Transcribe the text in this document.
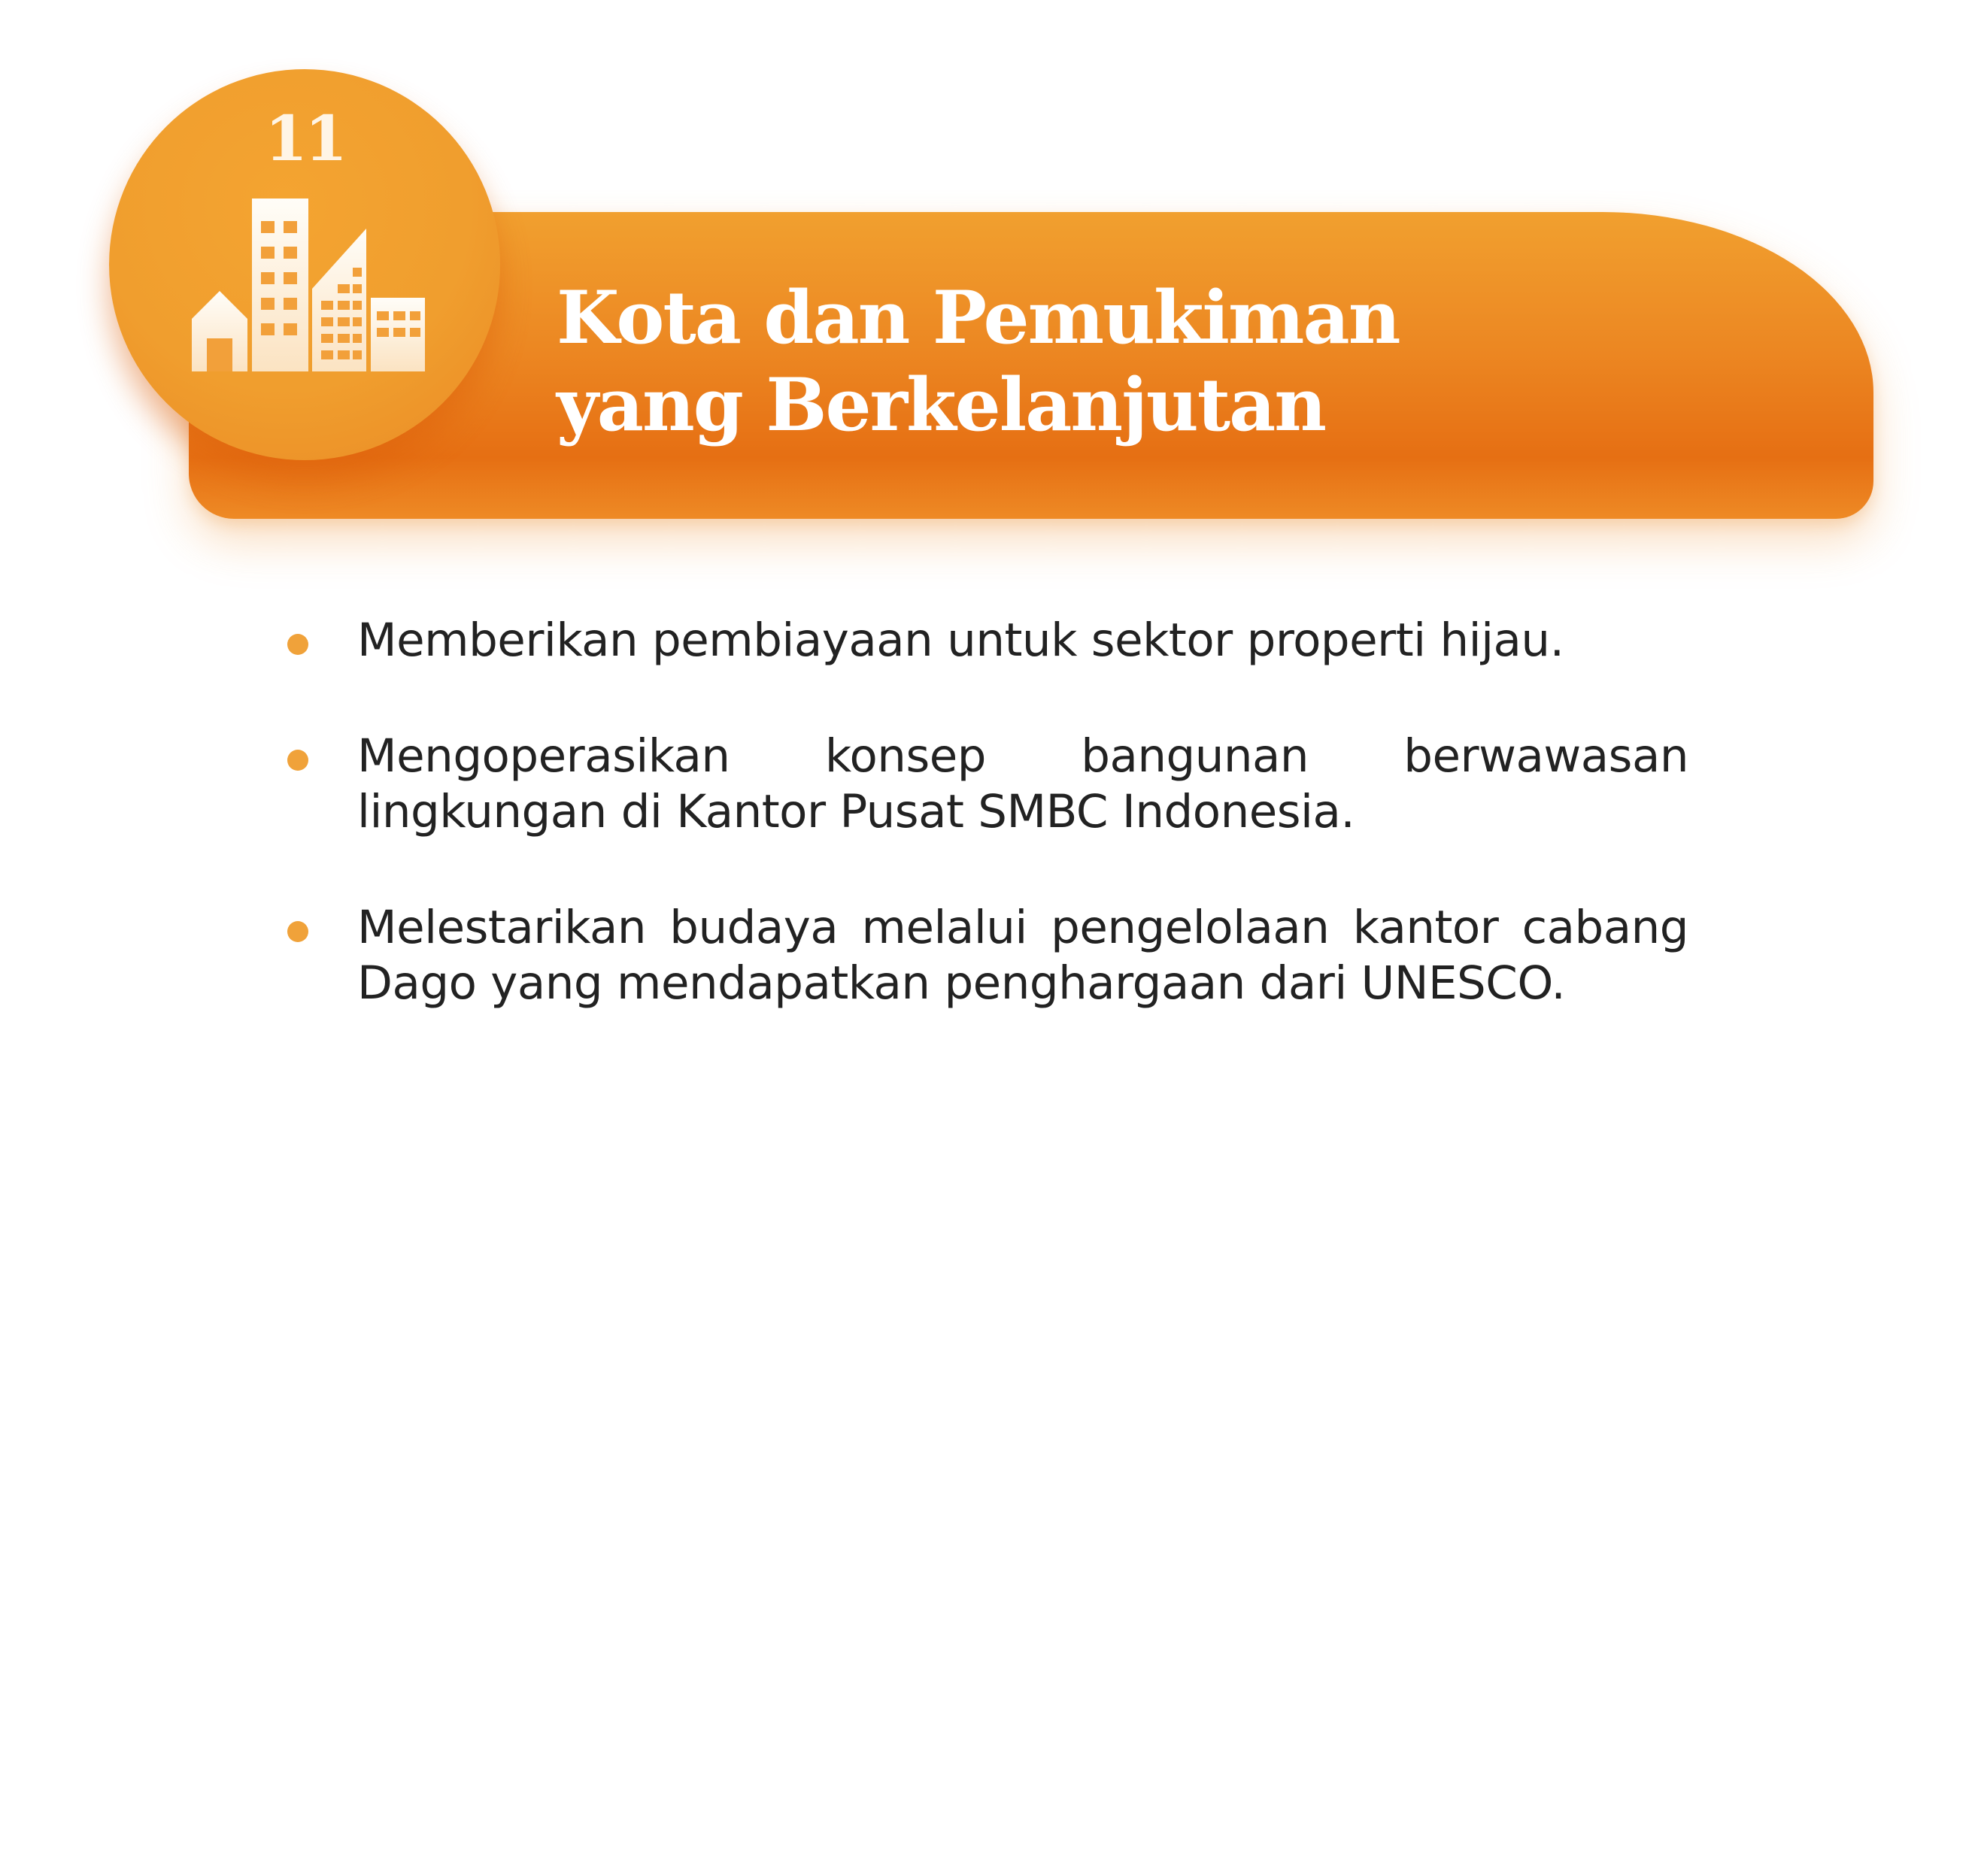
Kota dan Pemukiman
yang Berkelanjutan
11
Memberikan pembiayaan untuk sektor properti hijau.
Mengoperasikan konsep bangunan berwawasan lingkungan di Kantor Pusat SMBC Indonesia.
Melestarikan budaya melalui pengelolaan kantor cabang Dago yang mendapatkan penghargaan dari UNESCO.
